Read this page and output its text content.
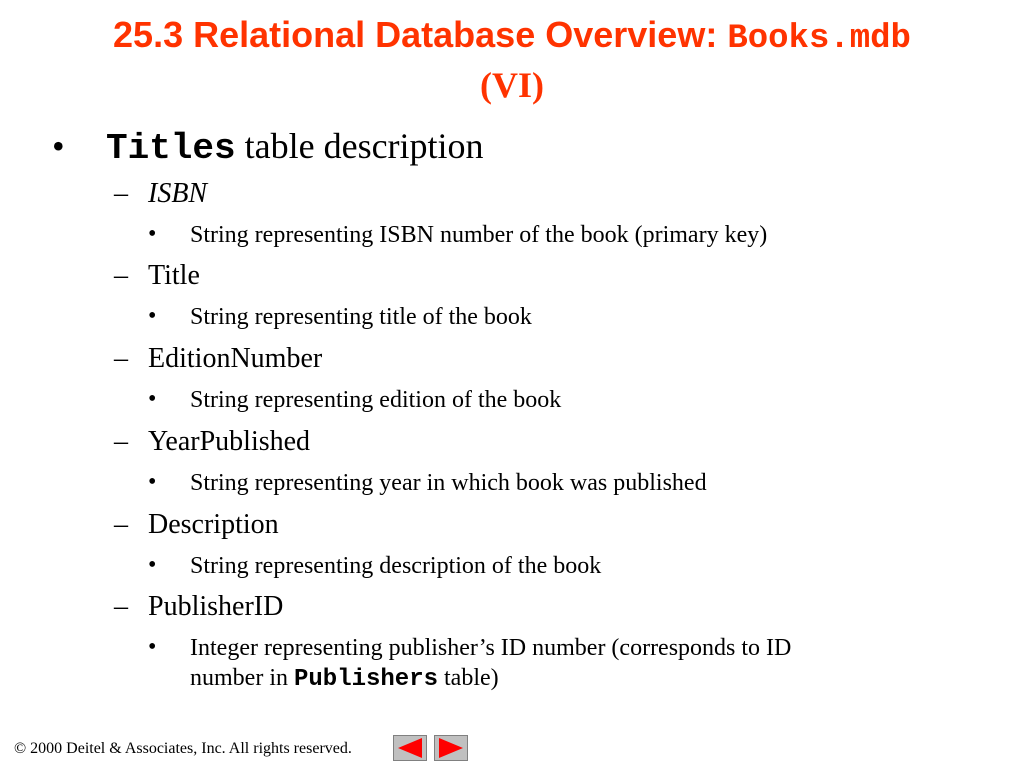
25.3 Relational Database Overview: Books.mdb
(VI)
• Titles table description
– ISBN
• String representing ISBN number of the book (primary key)
– Title
• String representing title of the book
– EditionNumber
• String representing edition of the book
– YearPublished
• String representing year in which book was published
– Description
• String representing description of the book
– PublisherID
• Integer representing publisher’s ID number (corresponds to ID
number in Publishers table)
© 2000 Deitel & Associates, Inc. All rights reserved.
